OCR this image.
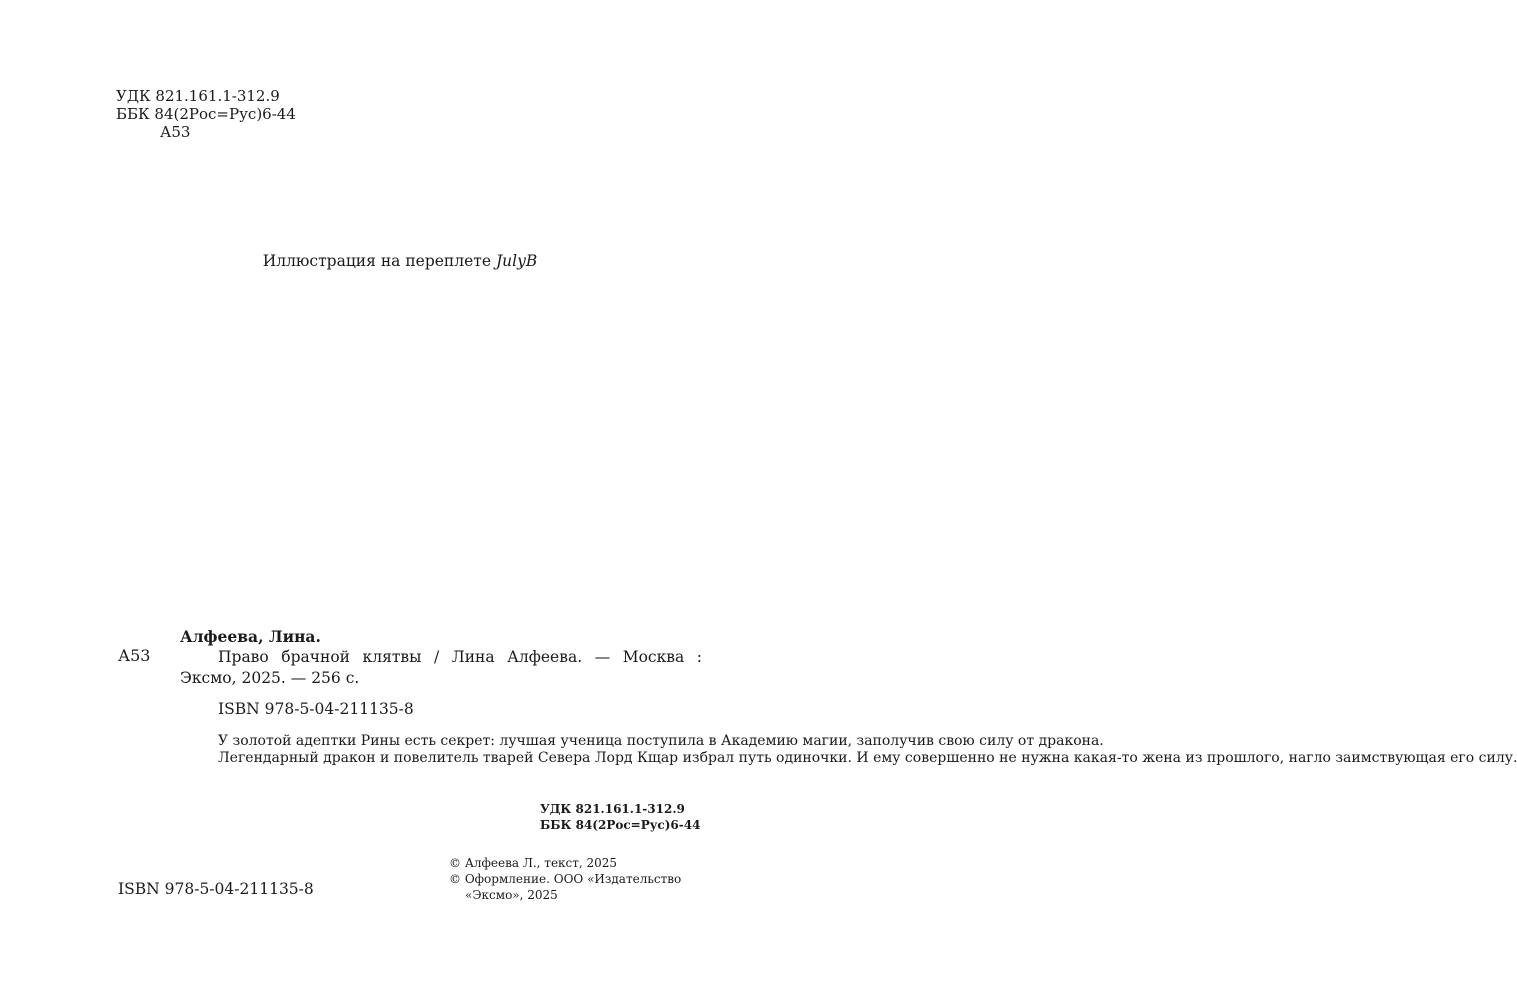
УДК 821.161.1-312.9
ББК 84(2Рос=Рус)6-44
А53
Иллюстрация на переплете JulyB
А53
Алфеева, Лина.
Право брачной клятвы / Лина Алфеева. — Москва : Эксмо, 2025. — 256 с.
ISBN 978-5-04-211135-8

У золотой адептки Рины есть секрет: лучшая ученица поступила в Академию магии, заполучив свою силу от дракона.

Легендарный дракон и повелитель тварей Севера Лорд Кщар избрал путь одиночки. И ему совершенно не нужна какая-то жена из прошлого, нагло заимствующая его силу.

УДК 821.161.1-312.9
ББК 84(2Рос=Рус)6-44
© Алфеева Л., текст, 2025
© Оформление. ООО «Издательство
«Эксмо», 2025
ISBN 978-5-04-211135-8
